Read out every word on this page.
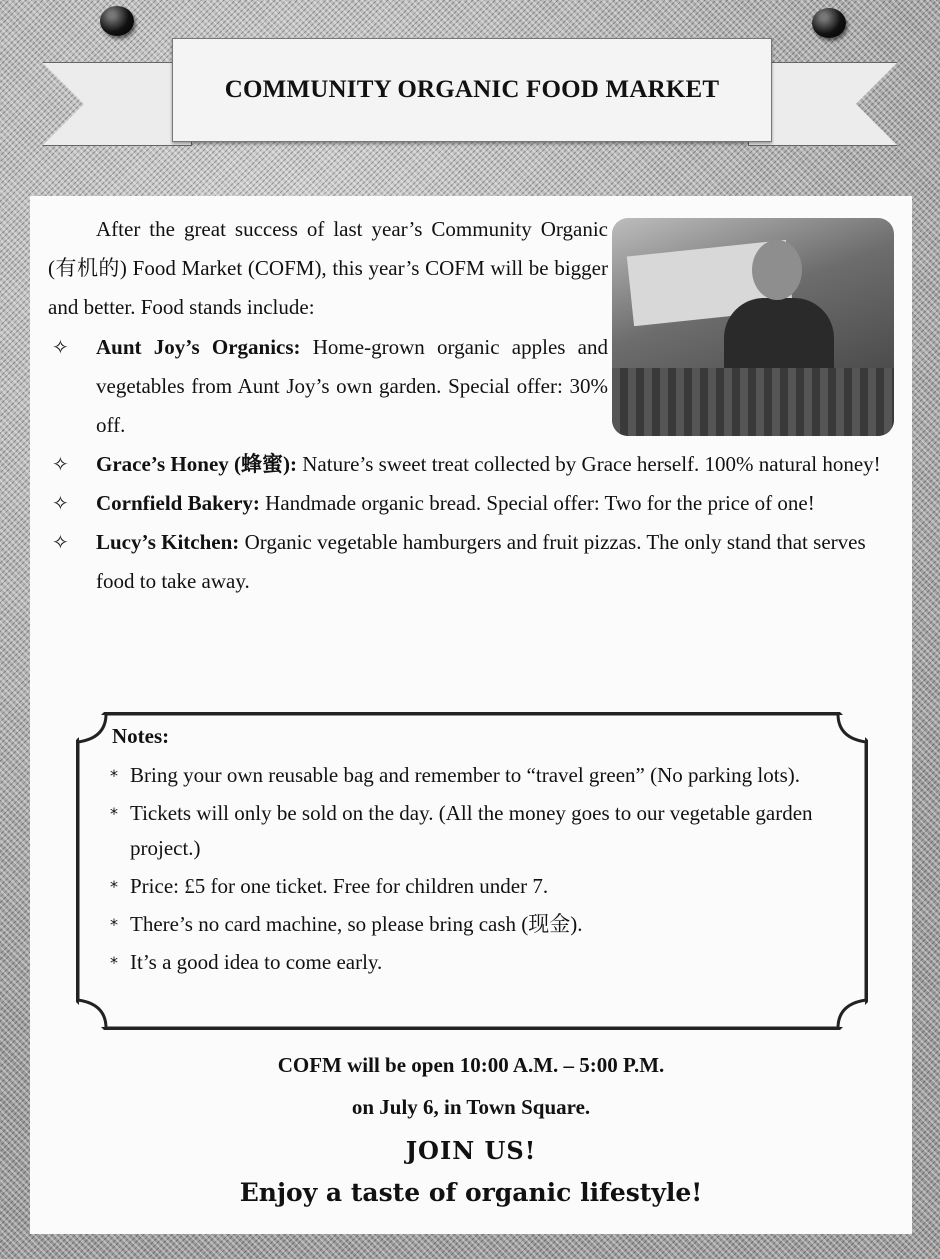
COMMUNITY ORGANIC FOOD MARKET

After the great success of last year’s Community Organic (有机的) Food Market (COFM), this year’s COFM will be bigger and better. Food stands include:

✧ Aunt Joy’s Organics: Home-grown organic apples and vegetables from Aunt Joy’s own garden. Special offer: 30% off.
✧ Grace’s Honey (蜂蜜): Nature’s sweet treat collected by Grace herself. 100% natural honey!
✧ Cornfield Bakery: Handmade organic bread. Special offer: Two for the price of one!
✧ Lucy’s Kitchen: Organic vegetable hamburgers and fruit pizzas. The only stand that serves food to take away.
Notes:
* Bring your own reusable bag and remember to “travel green” (No parking lots).
* Tickets will only be sold on the day. (All the money goes to our vegetable garden project.)
* Price: £5 for one ticket. Free for children under 7.
* There’s no card machine, so please bring cash (现金).
* It’s a good idea to come early.
COFM will be open 10:00 A.M. – 5:00 P.M.
on July 6, in Town Square.
JOIN US!
Enjoy a taste of organic lifestyle!
